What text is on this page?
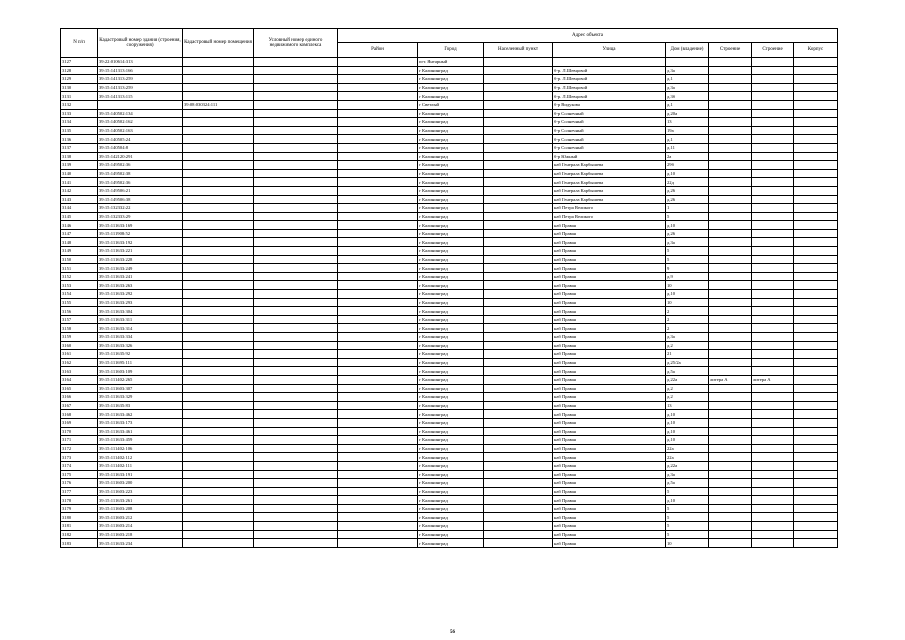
N п/п	Кадастровый номер здания (строения, сооружения)	Кадастровый номер помещения	Условный номер единого недвижимого комплекса	Адрес объекта							
				Район	Город	Населенный пункт	Улица	Дом (владение)	Строение	Строение	Корпус
3127	39:22:010614:313				пгт. Янтарный						
3128	39:15:141313:166				г Калининград		б-р. Л.Шевцовой	д.3а			
3129	39:15:141313:259				г Калининград		б-р. Л.Шевцовой	д.1			
3130	39:15:141313:259				г Калининград		б-р. Л.Шевцовой	д.3а			
3131	39:15:141313:115				г Калининград		б-р. Л.Шевцовой	д.3б			
3132		39:08:030324:111			г Светлый		б-р Видукова	д.1			
3133	39:15:140502:134				г Калининград		б-р Солнечный	д.20а			
3134	39:15:140502:162				г Калининград		б-р Солнечный	13			
3135	39:15:140502:163				г Калининград		б-р Солнечный	19а			
3136	39:15:140505:24				г Калининград		б-р Солнечный	д.1			
3137	39:15:140504:8				г Калининград		б-р Солнечный	д.11			
3138	39:15:142120:291				г Калининград		б-р Южный	2а			
3139	39:15:149502:36				г Калининград		наб Генерала Карбышева	29б			
3140	39:15:149502:38				г Калининград		наб Генерала Карбышева	д.10			
3141	39:15:149502:36				г Калининград		наб Генерала Карбышева	22д			
3142	39:15:149506:21				г Калининград		наб Генерала Карбышева	д.26			
3143	39:15:149506:38				г Калининград		наб Генерала Карбышева	д.26			
3144	39:15:132332:22				г Калининград		наб Петра Великого	1			
3145	39:15:132333:29				г Калининград		наб Петра Великого	5			
3146	39:15:111633:169				г Калининград		наб Правая	д.10			
3147	39:15:111908:52				г Калининград		наб Правая	д.26			
3148	39:15:111633:192				г Калининград		наб Правая	д.3а			
3149	39:15:111633:221				г Калининград		наб Правая	5			
3150	39:15:111633:228				г Калининград		наб Правая	5			
3151	39:15:111633:249				г Калининград		наб Правая	9			
3152	39:15:111633:241				г Калининград		наб Правая	д.9			
3153	39:15:111633:263				г Калининград		наб Правая	10			
3154	39:15:111633:292				г Калининград		наб Правая	д.10			
3155	39:15:111633:293				г Калининград		наб Правая	10			
3156	39:15:111633:304				г Калининград		наб Правая	2			
3157	39:15:111633:311				г Калининград		наб Правая	2			
3158	39:15:111633:314				г Калининград		наб Правая	2			
3159	39:15:111633:334				г Калининград		наб Правая	д.3а			
3160	39:15:111633:326				г Калининград		наб Правая	д.2			
3161	39:15:111635:92				г Калининград		наб Правая	21			
3162	39:15:111695:111				г Калининград		наб Правая	д.25/2а			
3163	39:15:111603:109				г Калининград		наб Правая	д.5а			
3164	39:15:111402:265				г Калининград		наб Правая	д.22а	литера А	литера А	
3165	39:15:111603:307				г Калининград		наб Правая	д.2			
3166	39:15:111633:329				г Калининград		наб Правая	д.2			
3167	39:15:111635:83				г Калининград		наб Правая	13			
3168	39:15:111633:462				г Калининград		наб Правая	д.10			
3169	39:15:111633:173				г Калининград		наб Правая	д.10			
3170	39:15:111633:461				г Калининград		наб Правая	д.10			
3171	39:15:111633:459				г Калининград		наб Правая	д.10			
3172	39:15:111402:106				г Калининград		наб Правая	22а			
3173	39:15:111402:112				г Калининград		наб Правая	22а			
3174	39:15:111402:111				г Калининград		наб Правая	д.22а			
3175	39:15:111633:191				г Калининград		наб Правая	д.3а			
3176	39:15:111603:200				г Калининград		наб Правая	д.5а			
3177	39:15:111603:223				г Калининград		наб Правая	5			
3178	39:15:111633:261				г Калининград		наб Правая	д.10			
3179	39:15:111603:208				г Калининград		наб Правая	5			
3180	39:15:111603:212				г Калининград		наб Правая	5			
3181	39:15:111603:214				г Калининград		наб Правая	5			
3182	39:15:111603:218				г Калининград		наб Правая	5			
3183	39:15:111633:234				г Калининград		наб Правая	10			
56
